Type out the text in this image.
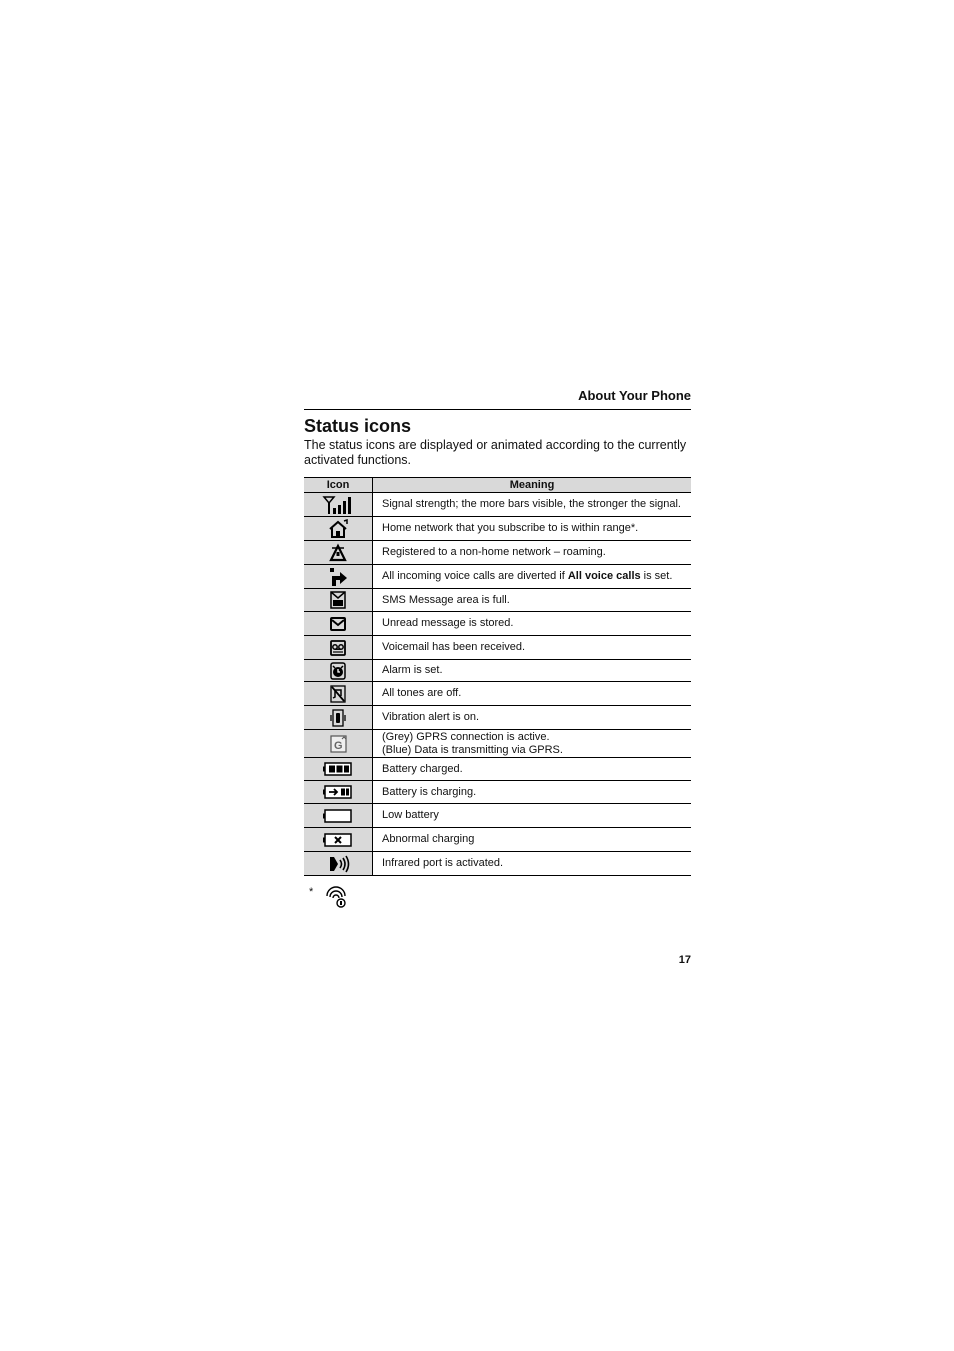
About Your Phone
Status icons

The status icons are displayed or animated according to the currently activated functions.

Icon	Meaning

	Signal strength; the more bars visible, the stronger the signal.

	Home network that you subscribe to is within range*.

	Registered to a non-home network – roaming.

	All incoming voice calls are diverted if All voice calls is set.

	SMS Message area is full.

	Unread message is stored.

	Voicemail has been received.

	Alarm is set.

	All tones are off.

	Vibration alert is on.

G	(Grey) GPRS connection is active.
(Blue) Data is transmitting via GPRS.

	Battery charged.

	Battery is charging.

	Low battery

	Abnormal charging

	Infrared port is activated.
*
17
